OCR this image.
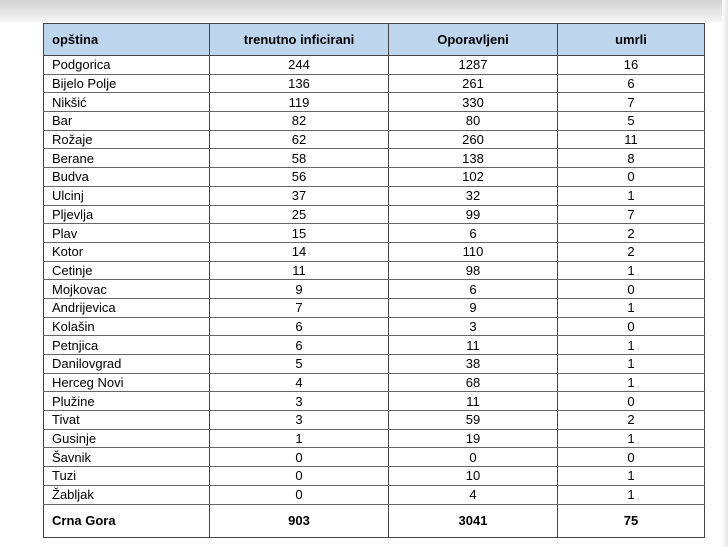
opština	trenutno inficirani	Oporavljeni	umrli
Podgorica	244	1287	16
Bijelo Polje	136	261	6
Nikšić	119	330	7
Bar	82	80	5
Rožaje	62	260	11
Berane	58	138	8
Budva	56	102	0
Ulcinj	37	32	1
Pljevlja	25	99	7
Plav	15	6	2
Kotor	14	110	2
Cetinje	11	98	1
Mojkovac	9	6	0
Andrijevica	7	9	1
Kolašin	6	3	0
Petnjica	6	11	1
Danilovgrad	5	38	1
Herceg Novi	4	68	1
Plužine	3	11	0
Tivat	3	59	2
Gusinje	1	19	1
Šavnik	0	0	0
Tuzi	0	10	1
Žabljak	0	4	1
Crna Gora	903	3041	75
